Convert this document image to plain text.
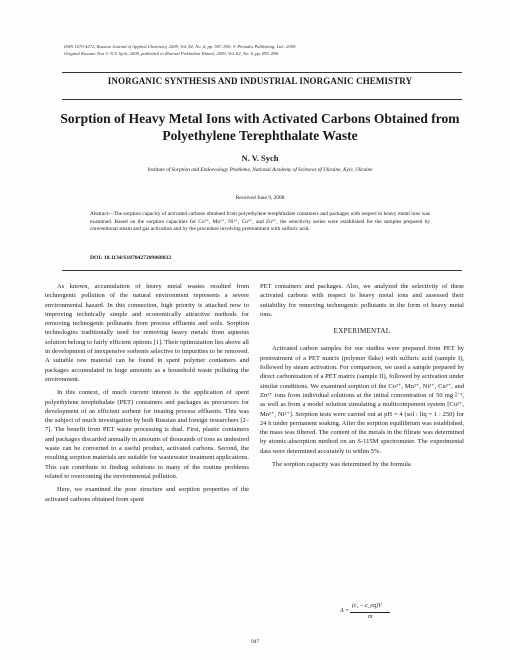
ISSN 1070-4272, Russian Journal of Applied Chemistry, 2009, Vol. 82, No. 6, pp. 947–950. © Pleiades Publishing, Ltd., 2009.
Original Russian Text © N.V. Sych, 2009, published in Zhurnal Prikladnoi Khimii, 2009, Vol. 82, No. 6, pp. 893–896.
INORGANIC SYNTHESIS AND INDUSTRIAL INORGANIC CHEMISTRY
Sorption of Heavy Metal Ions with Activated Carbons Obtained from Polyethylene Terephthalate Waste
N. V. Sych
Institute of Sorption and Endoecology Problems, National Academy of Sciences of Ukraine, Kyiv, Ukraine
Received June 9, 2008
Abstract—The sorption capacity of activated carbons obtained from polyethylene terephthalate containers and packages with respect to heavy metal ions was examined. Based on the sorption capacities for Co²⁺, Mn²⁺, Ni²⁺, Cu²⁺, and Zn²⁺, the selectivity series were established for the samples prepared by conventional steam and gas activation and by the procedure involving pretreatment with sulfuric acid.
DOI: 10.1134/S1070427209060032

As known, accumulation of heavy metal wastes resulted from technogenic pollution of the natural environment represents a severe environmental hazard. In this connection, high priority is attached now to improving technically simple and economically attractive methods for removing technogenic pollutants from process effluents and soils. Sorption technologies traditionally used for removing heavy metals from aqueous solution belong to fairly efficient options [1]. Their optimization lies above all in development of inexpensive sorbents selective to impurities to be removed. A suitable raw material can be found in spent polymer containers and packages accumulated in huge amounts as a household waste polluting the environment.

In this context, of much current interest is the application of spent polyethylene terephthalate (PET) containers and packages as precursors for development of an efficient sorbent for treating process effluents. This was the subject of much investigation by both Russian and foreign researchers [2–7]. The benefit from PET waste processing is dual. First, plastic containers and packages discarded annually in amounts of thousands of tons as undesired waste can be converted to a useful product, activated carbons. Second, the resulting sorption materials are suitable for wastewater treatment applications. This can contribute to finding solutions to many of the routine problems related to overcoming the environmental pollution.

Here, we examined the pore structure and sorption properties of the activated carbons obtained from spent

PET containers and packages. Also, we analyzed the selectivity of these activated carbons with respect to heavy metal ions and assessed their suitability for removing technogenic pollutants in the form of heavy metal ions.

EXPERIMENTAL

Activated carbon samples for our studies were prepared from PET by pretreatment of a PET matrix (polymer flake) with sulfuric acid (sample I), followed by steam activation. For comparison, we used a sample prepared by direct carbonization of a PET matrix (sample II), followed by activation under similar conditions. We examined sorption of the Co²⁺, Mn²⁺, Ni²⁺, Cu²⁺, and Zn²⁺ ions from individual solutions at the initial concentration of 50 mg l⁻¹, as well as from a model solution simulating a multicomponent system [Cu²⁺, Mn²⁺, Ni²⁺]. Sorption tests were carried out at pH = 4 (sol : liq = 1 : 250) for 24 h under permanent soaking. After the sorption equilibrium was established, the mass was filtered. The content of the metals in the filtrate was determined by atomic-absorption method on an S-115M spectrometer. The experimental data were determined accurately to within 5%.

The sorption capacity was determined by the formula

A =
(c₁ – c_eq)V
m
947
